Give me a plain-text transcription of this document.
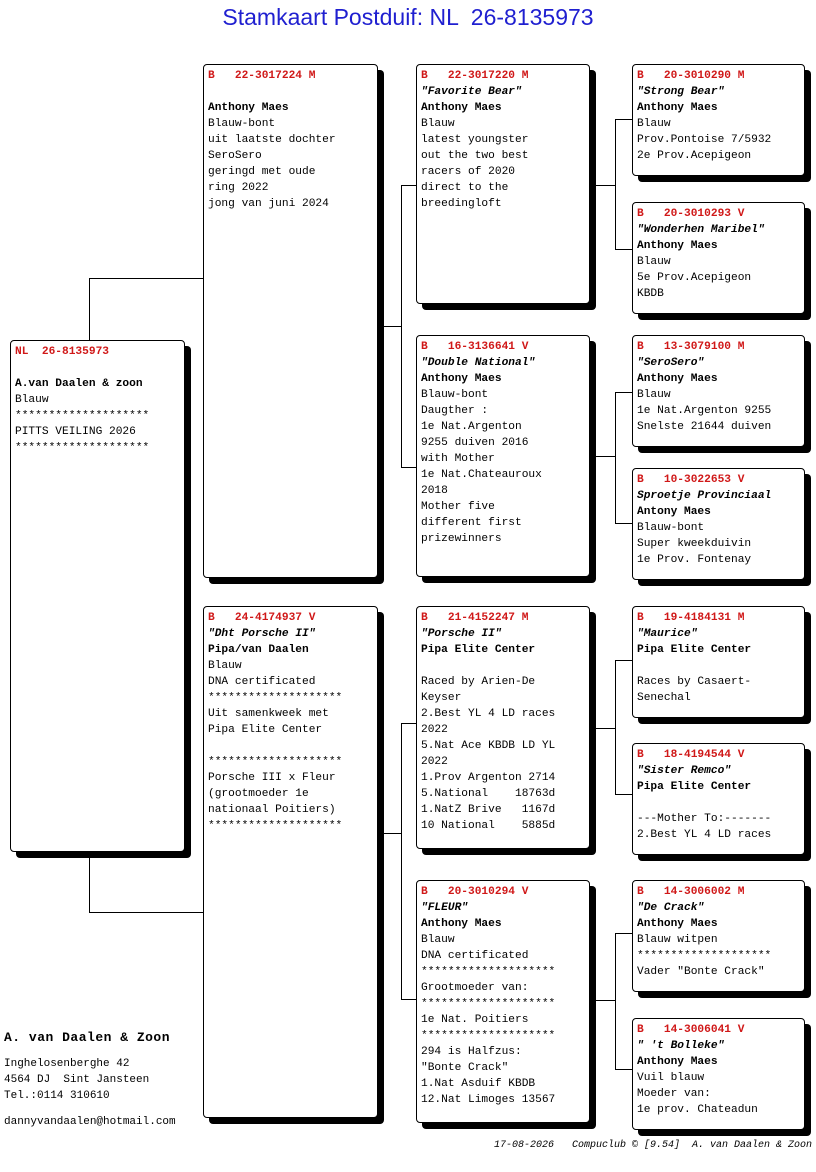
Stamkaart Postduif: NL  26-8135973
NL  26-8135973
A.van Daalen & zoon
Blauw
********************
PITTS VEILING 2026
********************
B   22-3017224 M
Anthony Maes
Blauw-bont
uit laatste dochter
SeroSero
geringd met oude
ring 2022
jong van juni 2024
B   24-4174937 V
"Dht Porsche II"
Pipa/van Daalen
Blauw
DNA certificated
********************
Uit samenkweek met
Pipa Elite Center
********************
Porsche III x Fleur
(grootmoeder 1e
nationaal Poitiers)
********************
B   22-3017220 M
"Favorite Bear"
Anthony Maes
Blauw
latest youngster
out the two best
racers of 2020
direct to the
breedingloft
B   16-3136641 V
"Double National"
Anthony Maes
Blauw-bont
Daugther :
1e Nat.Argenton
9255 duiven 2016
with Mother
1e Nat.Chateauroux
2018
Mother five
different first
prizewinners
B   21-4152247 M
"Porsche II"
Pipa Elite Center
Raced by Arien-De
Keyser
2.Best YL 4 LD races
2022
5.Nat Ace KBDB LD YL
2022
1.Prov Argenton 2714
5.National    18763d
1.NatZ Brive   1167d
10 National    5885d
B   20-3010294 V
"FLEUR"
Anthony Maes
Blauw
DNA certificated
********************
Grootmoeder van:
********************
1e Nat. Poitiers
********************
294 is Halfzus:
"Bonte Crack"
1.Nat Asduif KBDB
12.Nat Limoges 13567
B   20-3010290 M
"Strong Bear"
Anthony Maes
Blauw
Prov.Pontoise 7/5932
2e Prov.Acepigeon
B   20-3010293 V
"Wonderhen Maribel"
Anthony Maes
Blauw
5e Prov.Acepigeon
KBDB
B   13-3079100 M
"SeroSero"
Anthony Maes
Blauw
1e Nat.Argenton 9255
Snelste 21644 duiven
B   10-3022653 V
Sproetje Provinciaal
Antony Maes
Blauw-bont
Super kweekduivin
1e Prov. Fontenay
B   19-4184131 M
"Maurice"
Pipa Elite Center
Races by Casaert-
Senechal
B   18-4194544 V
"Sister Remco"
Pipa Elite Center
---Mother To:-------
2.Best YL 4 LD races
B   14-3006002 M
"De Crack"
Anthony Maes
Blauw witpen
********************
Vader "Bonte Crack"
B   14-3006041 V
" 't Bolleke"
Anthony Maes
Vuil blauw
Moeder van:
1e prov. Chateadun
A. van Daalen & Zoon
Inghelosenberghe 42
4564 DJ  Sint Jansteen
Tel.:0114 310610
dannyvandaalen@hotmail.com
17-08-2026   Compuclub © [9.54]  A. van Daalen & Zoon
